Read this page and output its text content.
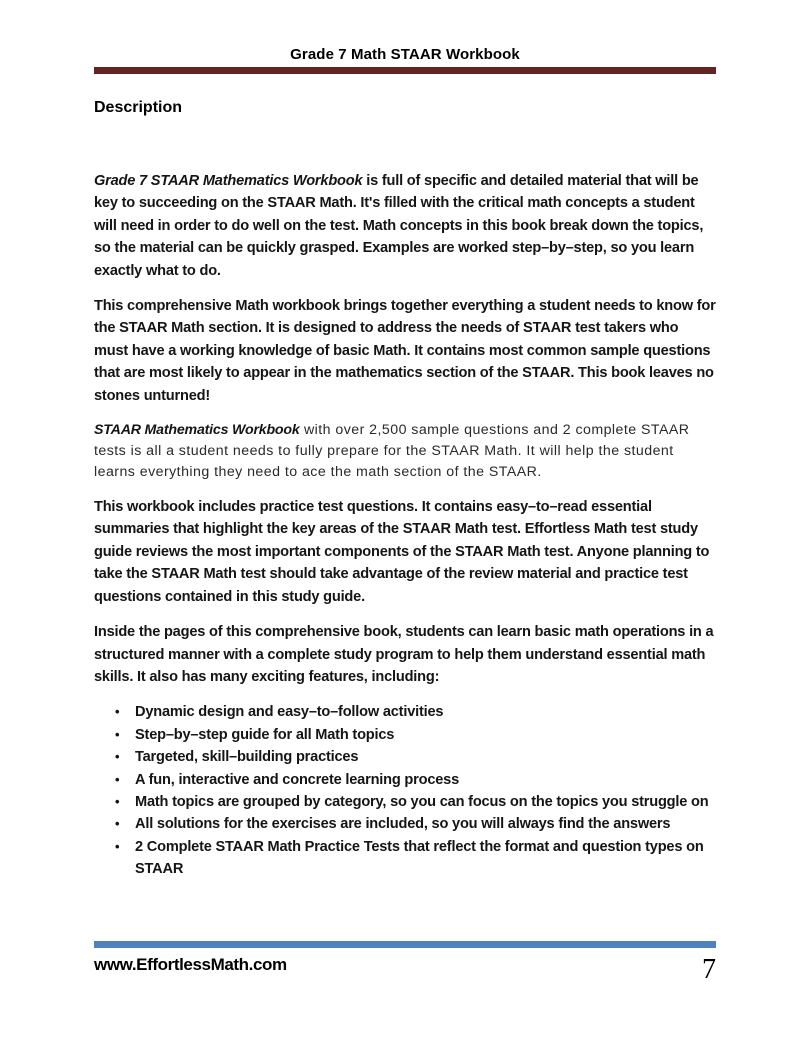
Grade 7 Math STAAR Workbook
Description

Grade 7 STAAR Mathematics Workbook is full of specific and detailed material that will be key to succeeding on the STAAR Math. It's filled with the critical math concepts a student will need in order to do well on the test. Math concepts in this book break down the topics, so the material can be quickly grasped. Examples are worked step–by–step, so you learn exactly what to do.

This comprehensive Math workbook brings together everything a student needs to know for the STAAR Math section. It is designed to address the needs of STAAR test takers who must have a working knowledge of basic Math. It contains most common sample questions that are most likely to appear in the mathematics section of the STAAR. This book leaves no stones unturned!

STAAR Mathematics Workbook with over 2,500 sample questions and 2 complete STAAR tests is all a student needs to fully prepare for the STAAR Math. It will help the student learns everything they need to ace the math section of the STAAR.

This workbook includes practice test questions. It contains easy–to–read essential summaries that highlight the key areas of the STAAR Math test. Effortless Math test study guide reviews the most important components of the STAAR Math test. Anyone planning to take the STAAR Math test should take advantage of the review material and practice test questions contained in this study guide.

Inside the pages of this comprehensive book, students can learn basic math operations in a structured manner with a complete study program to help them understand essential math skills. It also has many exciting features, including:

• Dynamic design and easy–to–follow activities
• Step–by–step guide for all Math topics
• Targeted, skill–building practices
• A fun, interactive and concrete learning process
• Math topics are grouped by category, so you can focus on the topics you struggle on
• All solutions for the exercises are included, so you will always find the answers
• 2 Complete STAAR Math Practice Tests that reflect the format and question types on STAAR
www.EffortlessMath.com	7
